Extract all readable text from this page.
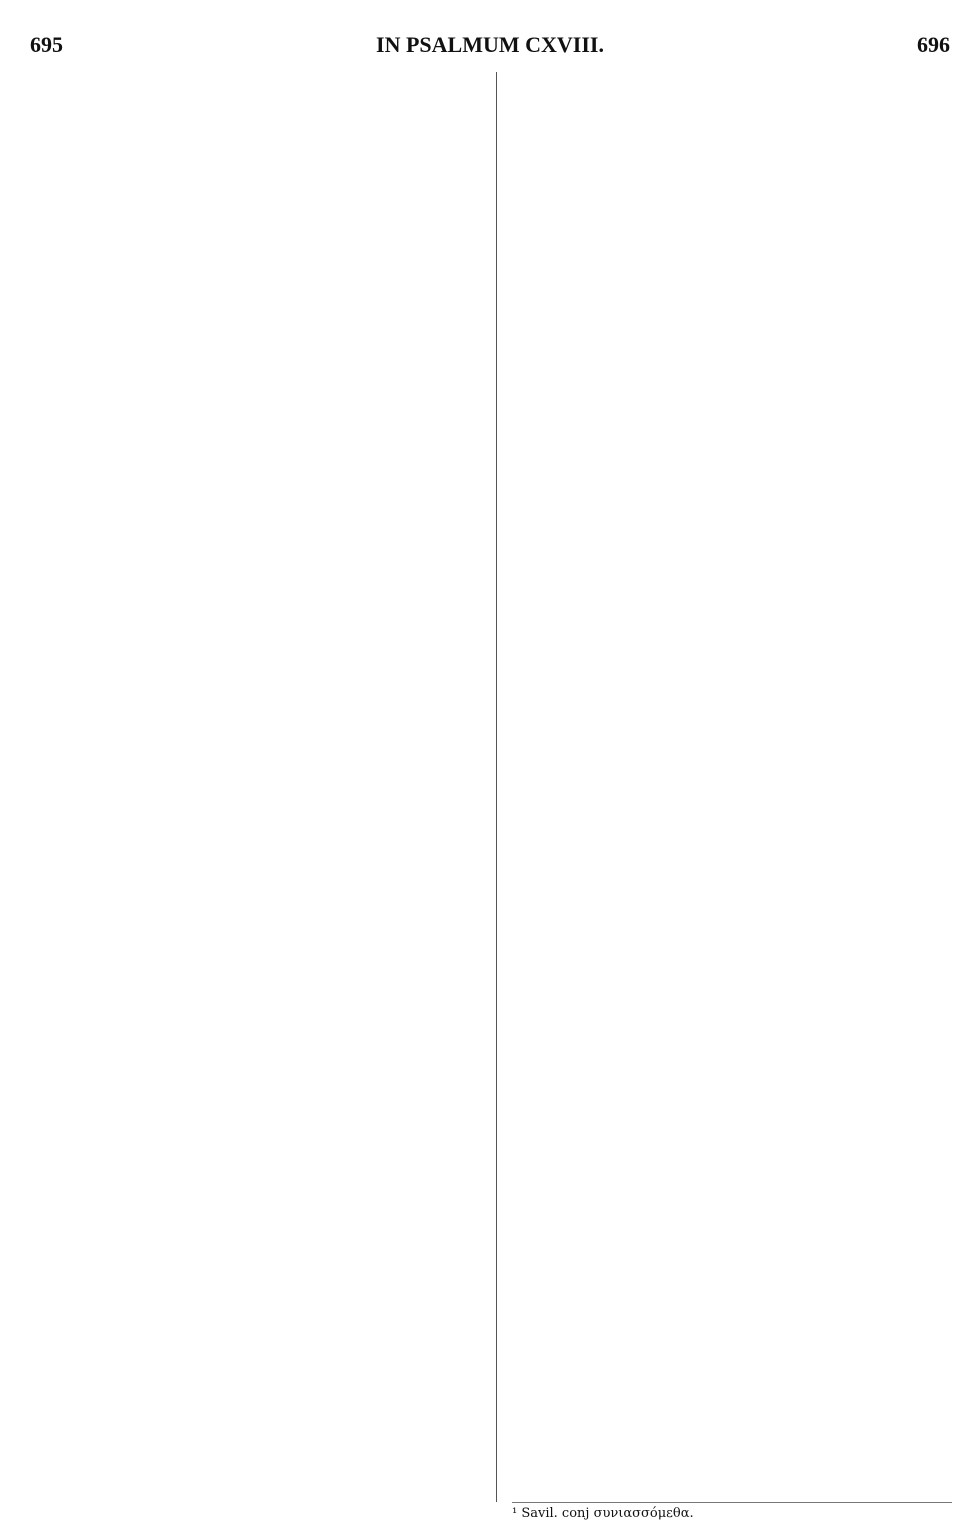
695	IN PSALMUM CXVIII.	696
¹ Savil. conj συνιασσόμεθα.
